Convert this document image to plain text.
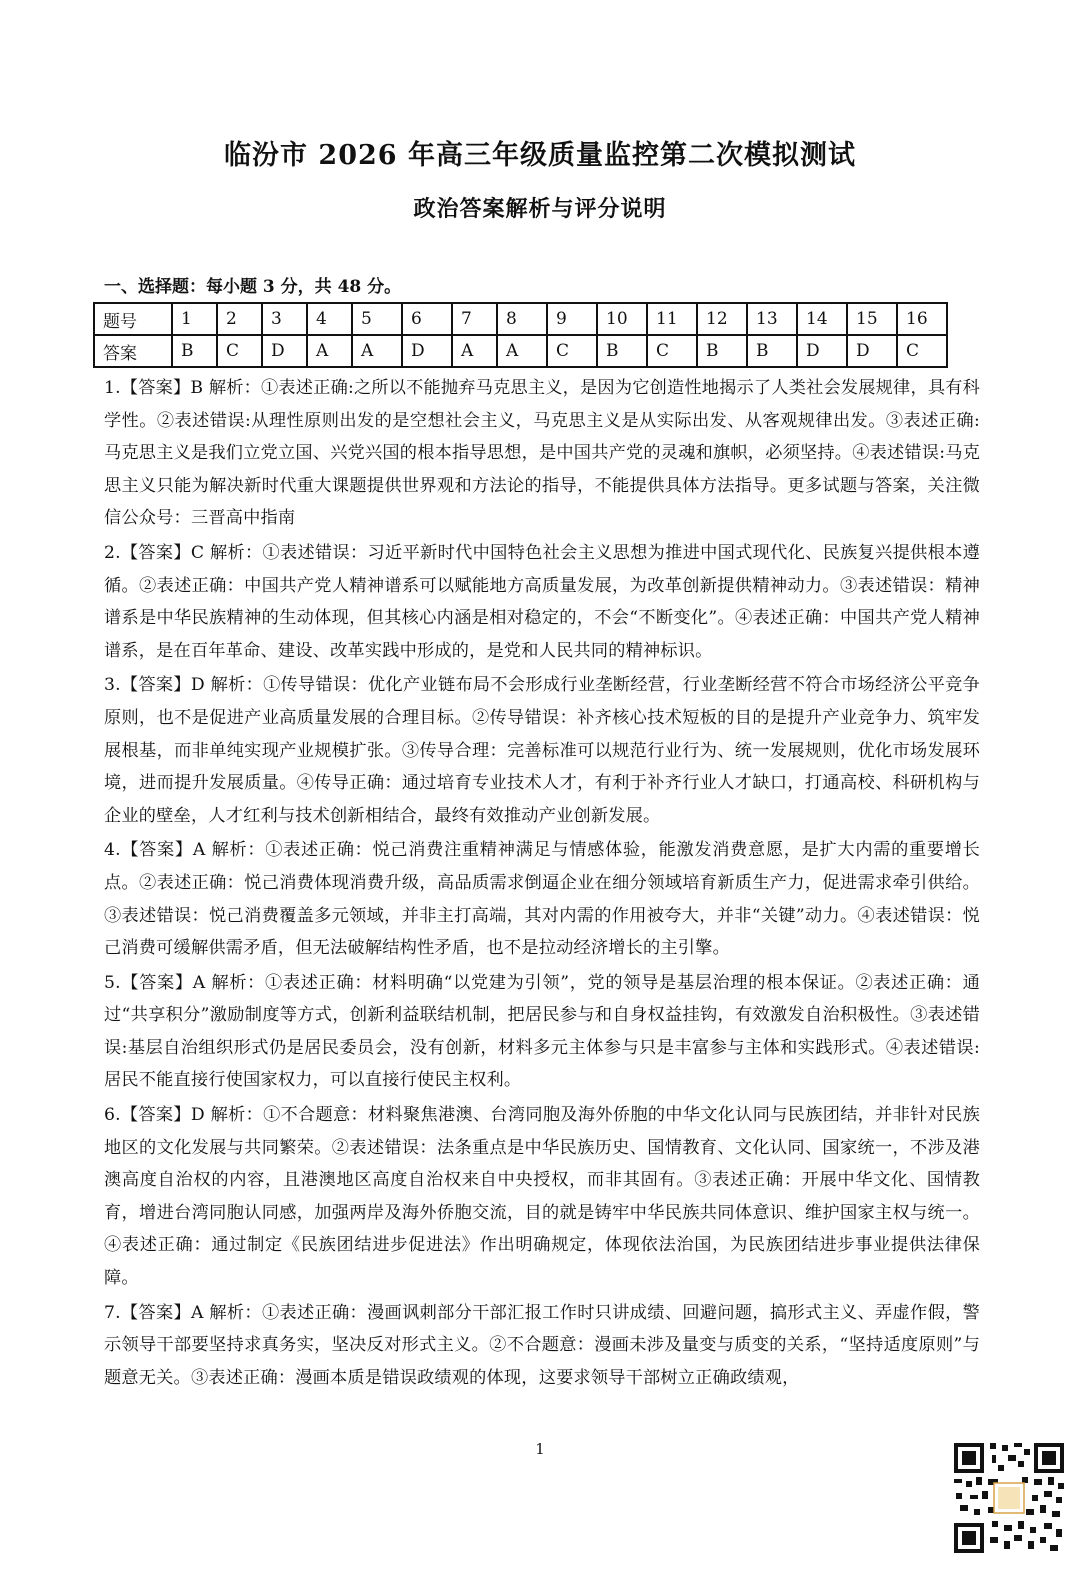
临汾市 2026 年高三年级质量监控第二次模拟测试
政治答案解析与评分说明
一、选择题：每小题 3 分，共 48 分。
题号	1	2	3	4	5	6	7	8	9	10	11	12	13	14	15	16
答案	B	C	D	A	A	D	A	A	C	B	C	B	B	D	D	C

1.【答案】B 解析：①表述正确:之所以不能抛弃马克思主义，是因为它创造性地揭示了人类社会发展规律，具有科学性。②表述错误:从理性原则出发的是空想社会主义，马克思主义是从实际出发、从客观规律出发。③表述正确:马克思主义是我们立党立国、兴党兴国的根本指导思想，是中国共产党的灵魂和旗帜，必须坚持。④表述错误:马克思主义只能为解决新时代重大课题提供世界观和方法论的指导，不能提供具体方法指导。更多试题与答案，关注微信公众号：三晋高中指南

2.【答案】C 解析：①表述错误：习近平新时代中国特色社会主义思想为推进中国式现代化、民族复兴提供根本遵循。②表述正确：中国共产党人精神谱系可以赋能地方高质量发展，为改革创新提供精神动力。③表述错误：精神谱系是中华民族精神的生动体现，但其核心内涵是相对稳定的，不会“不断变化”。④表述正确：中国共产党人精神谱系，是在百年革命、建设、改革实践中形成的，是党和人民共同的精神标识。

3.【答案】D 解析：①传导错误：优化产业链布局不会形成行业垄断经营，行业垄断经营不符合市场经济公平竞争原则，也不是促进产业高质量发展的合理目标。②传导错误：补齐核心技术短板的目的是提升产业竞争力、筑牢发展根基，而非单纯实现产业规模扩张。③传导合理：完善标准可以规范行业行为、统一发展规则，优化市场发展环境，进而提升发展质量。④传导正确：通过培育专业技术人才，有利于补齐行业人才缺口，打通高校、科研机构与企业的壁垒，人才红利与技术创新相结合，最终有效推动产业创新发展。

4.【答案】A 解析：①表述正确：悦己消费注重精神满足与情感体验，能激发消费意愿，是扩大内需的重要增长点。②表述正确：悦己消费体现消费升级，高品质需求倒逼企业在细分领域培育新质生产力，促进需求牵引供给。③表述错误：悦己消费覆盖多元领域，并非主打高端，其对内需的作用被夸大，并非“关键”动力。④表述错误：悦己消费可缓解供需矛盾，但无法破解结构性矛盾，也不是拉动经济增长的主引擎。

5.【答案】A 解析：①表述正确：材料明确“以党建为引领”，党的领导是基层治理的根本保证。②表述正确：通过“共享积分”激励制度等方式，创新利益联结机制，把居民参与和自身权益挂钩，有效激发自治积极性。③表述错误:基层自治组织形式仍是居民委员会，没有创新，材料多元主体参与只是丰富参与主体和实践形式。④表述错误:居民不能直接行使国家权力，可以直接行使民主权利。

6.【答案】D 解析：①不合题意：材料聚焦港澳、台湾同胞及海外侨胞的中华文化认同与民族团结，并非针对民族地区的文化发展与共同繁荣。②表述错误：法条重点是中华民族历史、国情教育、文化认同、国家统一，不涉及港澳高度自治权的内容，且港澳地区高度自治权来自中央授权，而非其固有。③表述正确：开展中华文化、国情教育，增进台湾同胞认同感，加强两岸及海外侨胞交流，目的就是铸牢中华民族共同体意识、维护国家主权与统一。④表述正确：通过制定《民族团结进步促进法》作出明确规定，体现依法治国，为民族团结进步事业提供法律保障。

7.【答案】A 解析：①表述正确：漫画讽刺部分干部汇报工作时只讲成绩、回避问题，搞形式主义、弄虚作假，警示领导干部要坚持求真务实，坚决反对形式主义。②不合题意：漫画未涉及量变与质变的关系，“坚持适度原则”与题意无关。③表述正确：漫画本质是错误政绩观的体现，这要求领导干部树立正确政绩观，

1
